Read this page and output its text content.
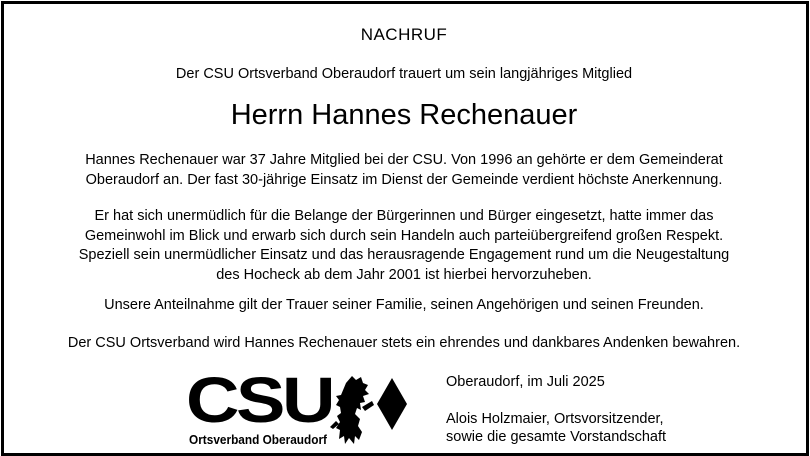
NACHRUF
Der CSU Ortsverband Oberaudorf trauert um sein langjähriges Mitglied
Herrn Hannes Rechenauer
Hannes Rechenauer war 37 Jahre Mitglied bei der CSU. Von 1996 an gehörte er dem Gemeinderat
Oberaudorf an. Der fast 30-jährige Einsatz im Dienst der Gemeinde verdient höchste Anerkennung.
Er hat sich unermüdlich für die Belange der Bürgerinnen und Bürger eingesetzt, hatte immer das
Gemeinwohl im Blick und erwarb sich durch sein Handeln auch parteiübergreifend großen Respekt.
Speziell sein unermüdlicher Einsatz und das herausragende Engagement rund um die Neugestaltung
des Hocheck ab dem Jahr 2001 ist hierbei hervorzuheben.
Unsere Anteilnahme gilt der Trauer seiner Familie, seinen Angehörigen und seinen Freunden.
Der CSU Ortsverband wird Hannes Rechenauer stets ein ehrendes und dankbares Andenken bewahren.
CSU
Ortsverband Oberaudorf
Oberaudorf, im Juli 2025
Alois Holzmaier, Ortsvorsitzender,
sowie die gesamte Vorstandschaft
